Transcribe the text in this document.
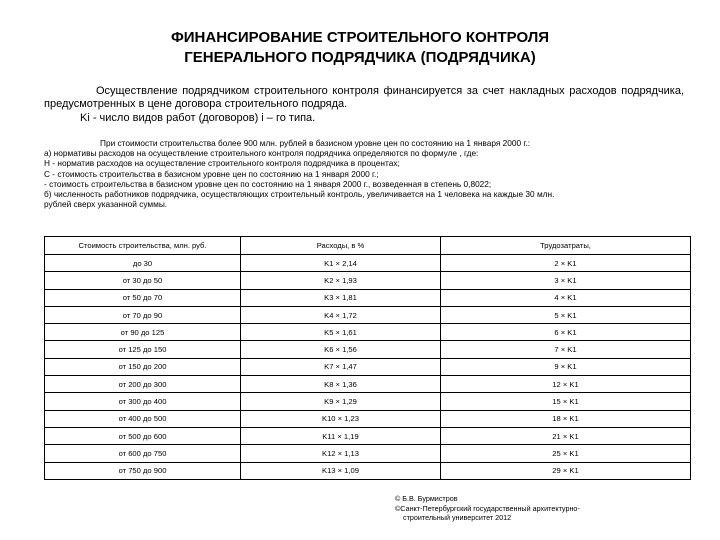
ФИНАНСИРОВАНИЕ СТРОИТЕЛЬНОГО КОНТРОЛЯ
ГЕНЕРАЛЬНОГО ПОДРЯДЧИКА (ПОДРЯДЧИКА)
Осуществление подрядчиком строительного контроля финансируется за счет накладных расходов подрядчика, предусмотренных в цене договора строительного подряда.
Ki - число видов работ (договоров) i – го типа.
При стоимости строительства более 900 млн. рублей в базисном уровне цен по состоянию на 1 января 2000 г.:
а) нормативы расходов на осуществление строительного контроля подрядчика определяются по формуле , где:
Н - норматив расходов на осуществление строительного контроля подрядчика в процентах;
С - стоимость строительства в базисном уровне цен по состоянию на 1 января 2000 г.;
- стоимость строительства в базисном уровне цен по состоянию на 1 января 2000 г., возведенная в степень 0,8022;
б) численность работников подрядчика, осуществляющих строительный контроль, увеличивается на 1 человека на каждые 30 млн.
рублей сверх указанной суммы.
Стоимость строительства, млн. руб.	Расходы, в %	Трудозатраты,
до 30	K1 × 2,14	2 × K1
от 30 до 50	K2 × 1,93	3 × K1
от 50 до 70	K3 × 1,81	4 × K1
от 70 до 90	K4 × 1,72	5 × K1
от 90 до 125	K5 × 1,61	6 × K1
от 125 до 150	K6 × 1,56	7 × K1
от 150 до 200	K7 × 1,47	9 × K1
от 200 до 300	K8 × 1,36	12 × K1
от 300 до 400	K9 × 1,29	15 × K1
от 400 до 500	K10 × 1,23	18 × K1
от 500 до 600	K11 × 1,19	21 × K1
от 600 до 750	K12 × 1,13	25 × K1
от 750 до 900	K13 × 1,09	29 × K1
© Б.В. Бурмистров
©Санкт-Петербургский государственный архитектурно-
строительный университет 2012
